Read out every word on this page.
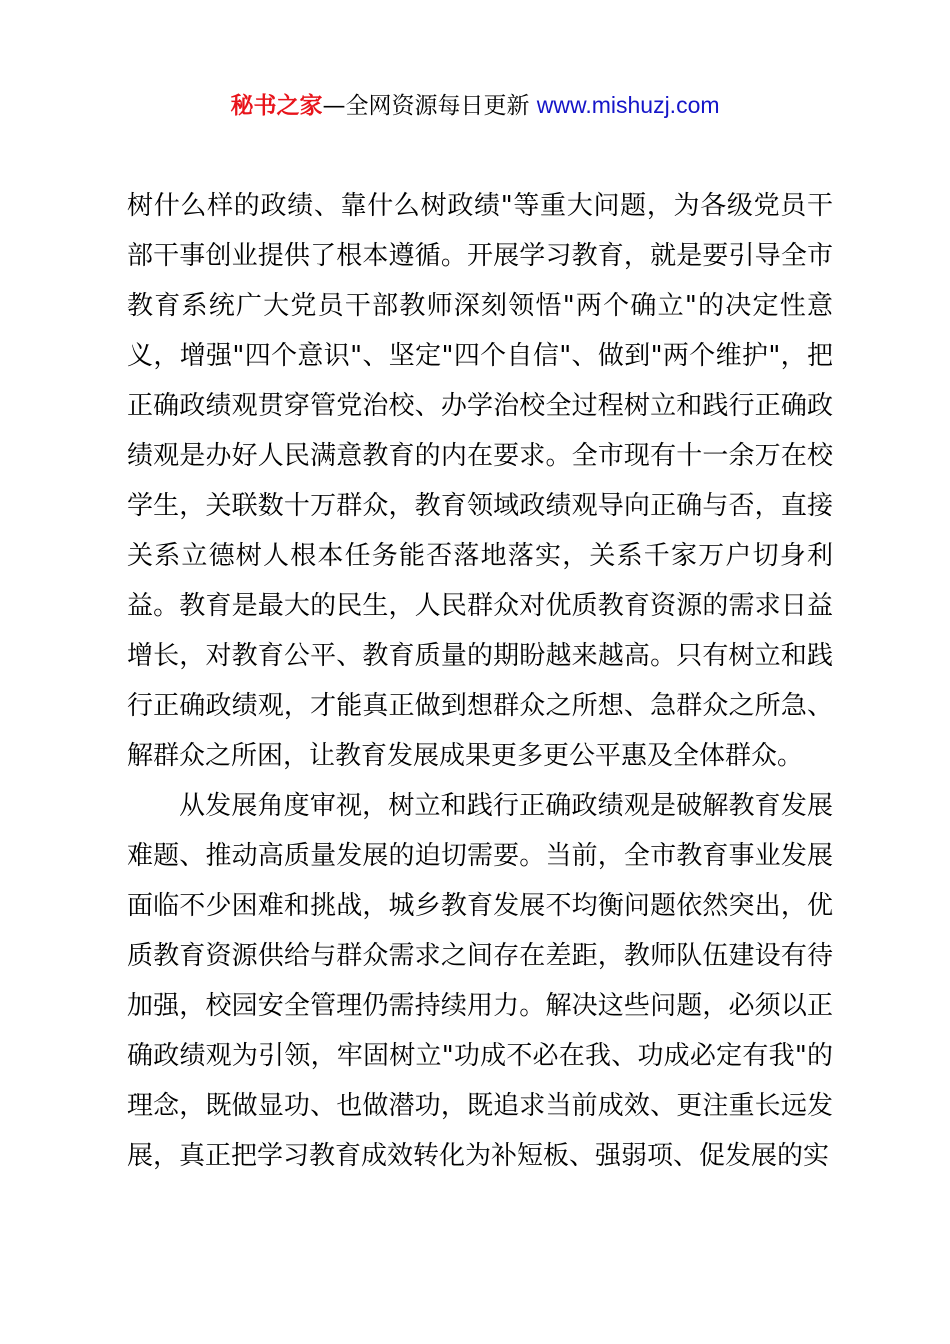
秘书之家—全网资源每日更新 www.mishuzj.com

树什么样的政绩、靠什么树政绩"等重大问题，为各级党员干部干事创业提供了根本遵循。开展学习教育，就是要引导全市教育系统广大党员干部教师深刻领悟"两个确立"的决定性意义，增强"四个意识"、坚定"四个自信"、做到"两个维护"，把正确政绩观贯穿管党治校、办学治校全过程树立和践行正确政绩观是办好人民满意教育的内在要求。全市现有十一余万在校学生，关联数十万群众，教育领域政绩观导向正确与否，直接关系立德树人根本任务能否落地落实，关系千家万户切身利益。教育是最大的民生，人民群众对优质教育资源的需求日益增长，对教育公平、教育质量的期盼越来越高。只有树立和践行正确政绩观，才能真正做到想群众之所想、急群众之所急、解群众之所困，让教育发展成果更多更公平惠及全体群众。

从发展角度审视，树立和践行正确政绩观是破解教育发展难题、推动高质量发展的迫切需要。当前，全市教育事业发展面临不少困难和挑战，城乡教育发展不均衡问题依然突出，优质教育资源供给与群众需求之间存在差距，教师队伍建设有待加强，校园安全管理仍需持续用力。解决这些问题，必须以正确政绩观为引领，牢固树立"功成不必在我、功成必定有我"的理念，既做显功、也做潜功，既追求当前成效、更注重长远发展，真正把学习教育成效转化为补短板、强弱项、促发展的实
